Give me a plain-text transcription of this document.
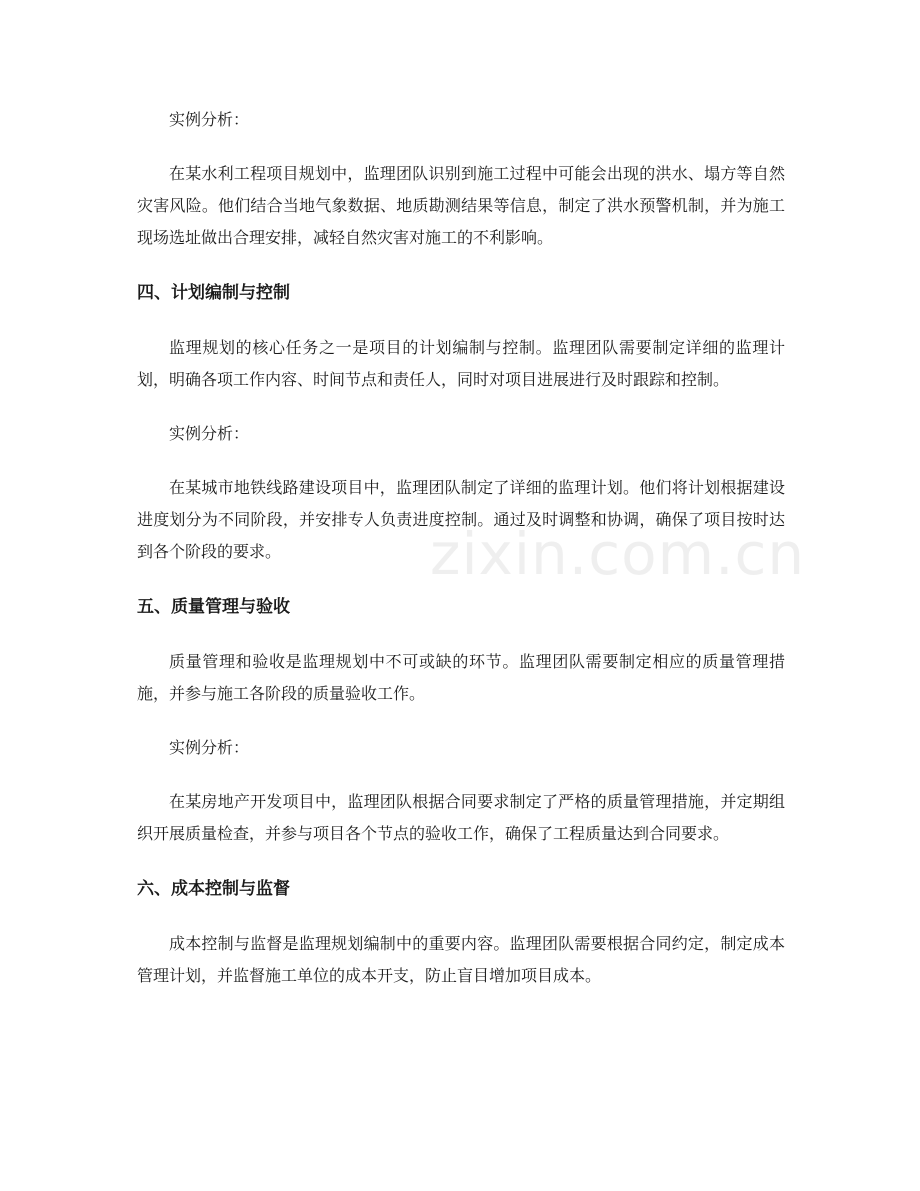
实例分析：

在某水利工程项目规划中，监理团队识别到施工过程中可能会出现的洪水、塌方等自然灾害风险。他们结合当地气象数据、地质勘测结果等信息，制定了洪水预警机制，并为施工现场选址做出合理安排，减轻自然灾害对施工的不利影响。

四、计划编制与控制

监理规划的核心任务之一是项目的计划编制与控制。监理团队需要制定详细的监理计划，明确各项工作内容、时间节点和责任人，同时对项目进展进行及时跟踪和控制。

实例分析：

在某城市地铁线路建设项目中，监理团队制定了详细的监理计划。他们将计划根据建设进度划分为不同阶段，并安排专人负责进度控制。通过及时调整和协调，确保了项目按时达到各个阶段的要求。

五、质量管理与验收

质量管理和验收是监理规划中不可或缺的环节。监理团队需要制定相应的质量管理措施，并参与施工各阶段的质量验收工作。

实例分析：

在某房地产开发项目中，监理团队根据合同要求制定了严格的质量管理措施，并定期组织开展质量检查，并参与项目各个节点的验收工作，确保了工程质量达到合同要求。

六、成本控制与监督

成本控制与监督是监理规划编制中的重要内容。监理团队需要根据合同约定，制定成本管理计划，并监督施工单位的成本开支，防止盲目增加项目成本。

zixin.com.cn
